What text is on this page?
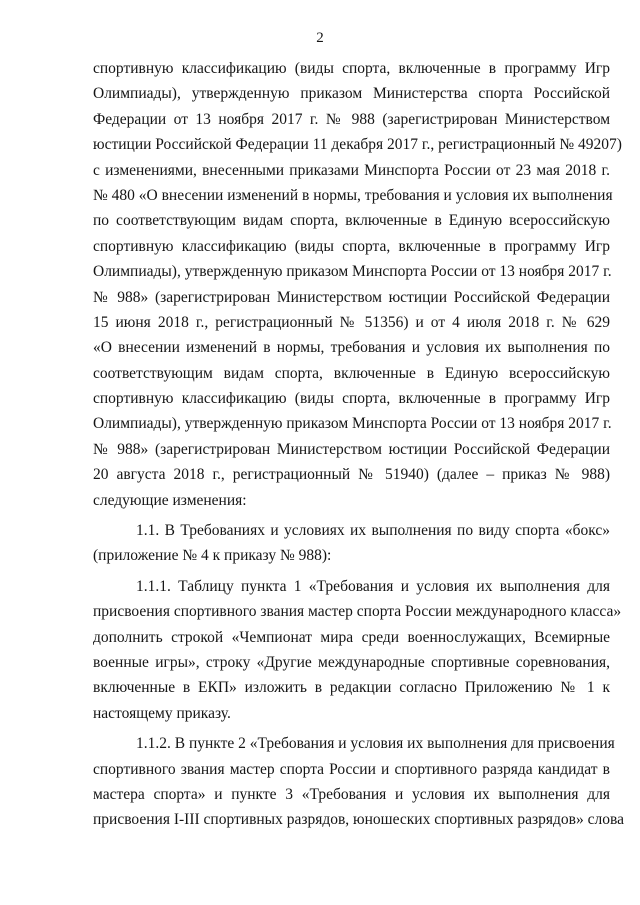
2
спортивную классификацию (виды спорта, включенные в программу Игр
Олимпиады), утвержденную приказом Министерства спорта Российской
Федерации от 13 ноября 2017 г. № 988 (зарегистрирован Министерством
юстиции Российской Федерации 11 декабря 2017 г., регистрационный № 49207)
с изменениями, внесенными приказами Минспорта России от 23 мая 2018 г.
№ 480 «О внесении изменений в нормы, требования и условия их выполнения
по соответствующим видам спорта, включенные в Единую всероссийскую
спортивную классификацию (виды спорта, включенные в программу Игр
Олимпиады), утвержденную приказом Минспорта России от 13 ноября 2017 г.
№ 988» (зарегистрирован Министерством юстиции Российской Федерации
15 июня 2018 г., регистрационный № 51356) и от 4 июля 2018 г. № 629
«О внесении изменений в нормы, требования и условия их выполнения по
соответствующим видам спорта, включенные в Единую всероссийскую
спортивную классификацию (виды спорта, включенные в программу Игр
Олимпиады), утвержденную приказом Минспорта России от 13 ноября 2017 г.
№ 988» (зарегистрирован Министерством юстиции Российской Федерации
20 августа 2018 г., регистрационный № 51940) (далее – приказ № 988)
следующие изменения:
1.1. В Требованиях и условиях их выполнения по виду спорта «бокс»
(приложение № 4 к приказу № 988):
1.1.1. Таблицу пункта 1 «Требования и условия их выполнения для
присвоения спортивного звания мастер спорта России международного класса»
дополнить строкой «Чемпионат мира среди военнослужащих, Всемирные
военные игры», строку «Другие международные спортивные соревнования,
включенные в ЕКП» изложить в редакции согласно Приложению № 1 к
настоящему приказу.
1.1.2. В пункте 2 «Требования и условия их выполнения для присвоения
спортивного звания мастер спорта России и спортивного разряда кандидат в
мастера спорта» и пункте 3 «Требования и условия их выполнения для
присвоения I-III спортивных разрядов, юношеских спортивных разрядов» слова
